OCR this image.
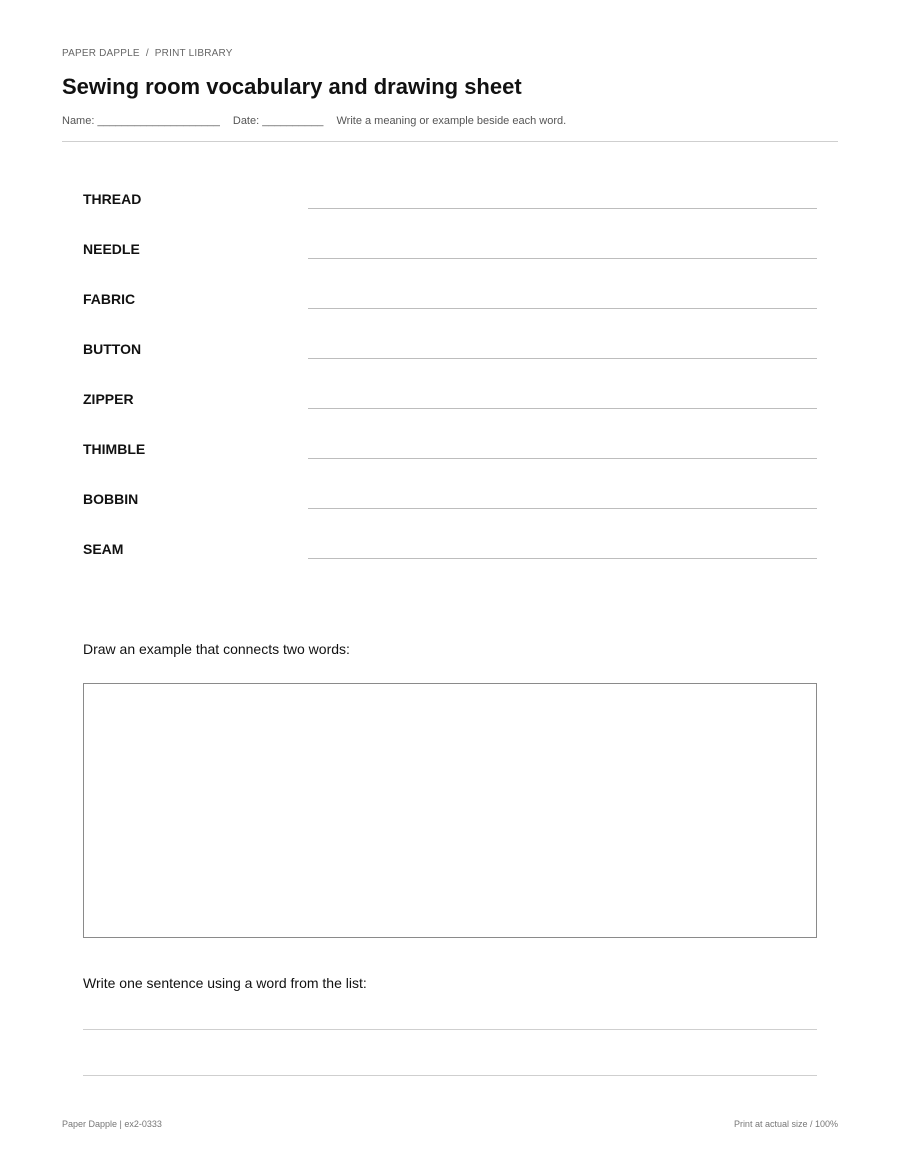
PAPER DAPPLE / PRINT LIBRARY
Sewing room vocabulary and drawing sheet
Name: ____________________ Date: __________ Write a meaning or example beside each word.
THREAD
NEEDLE
FABRIC
BUTTON
ZIPPER
THIMBLE
BOBBIN
SEAM
Draw an example that connects two words:
Write one sentence using a word from the list:
Paper Dapple | ex2-0333	Print at actual size / 100%
